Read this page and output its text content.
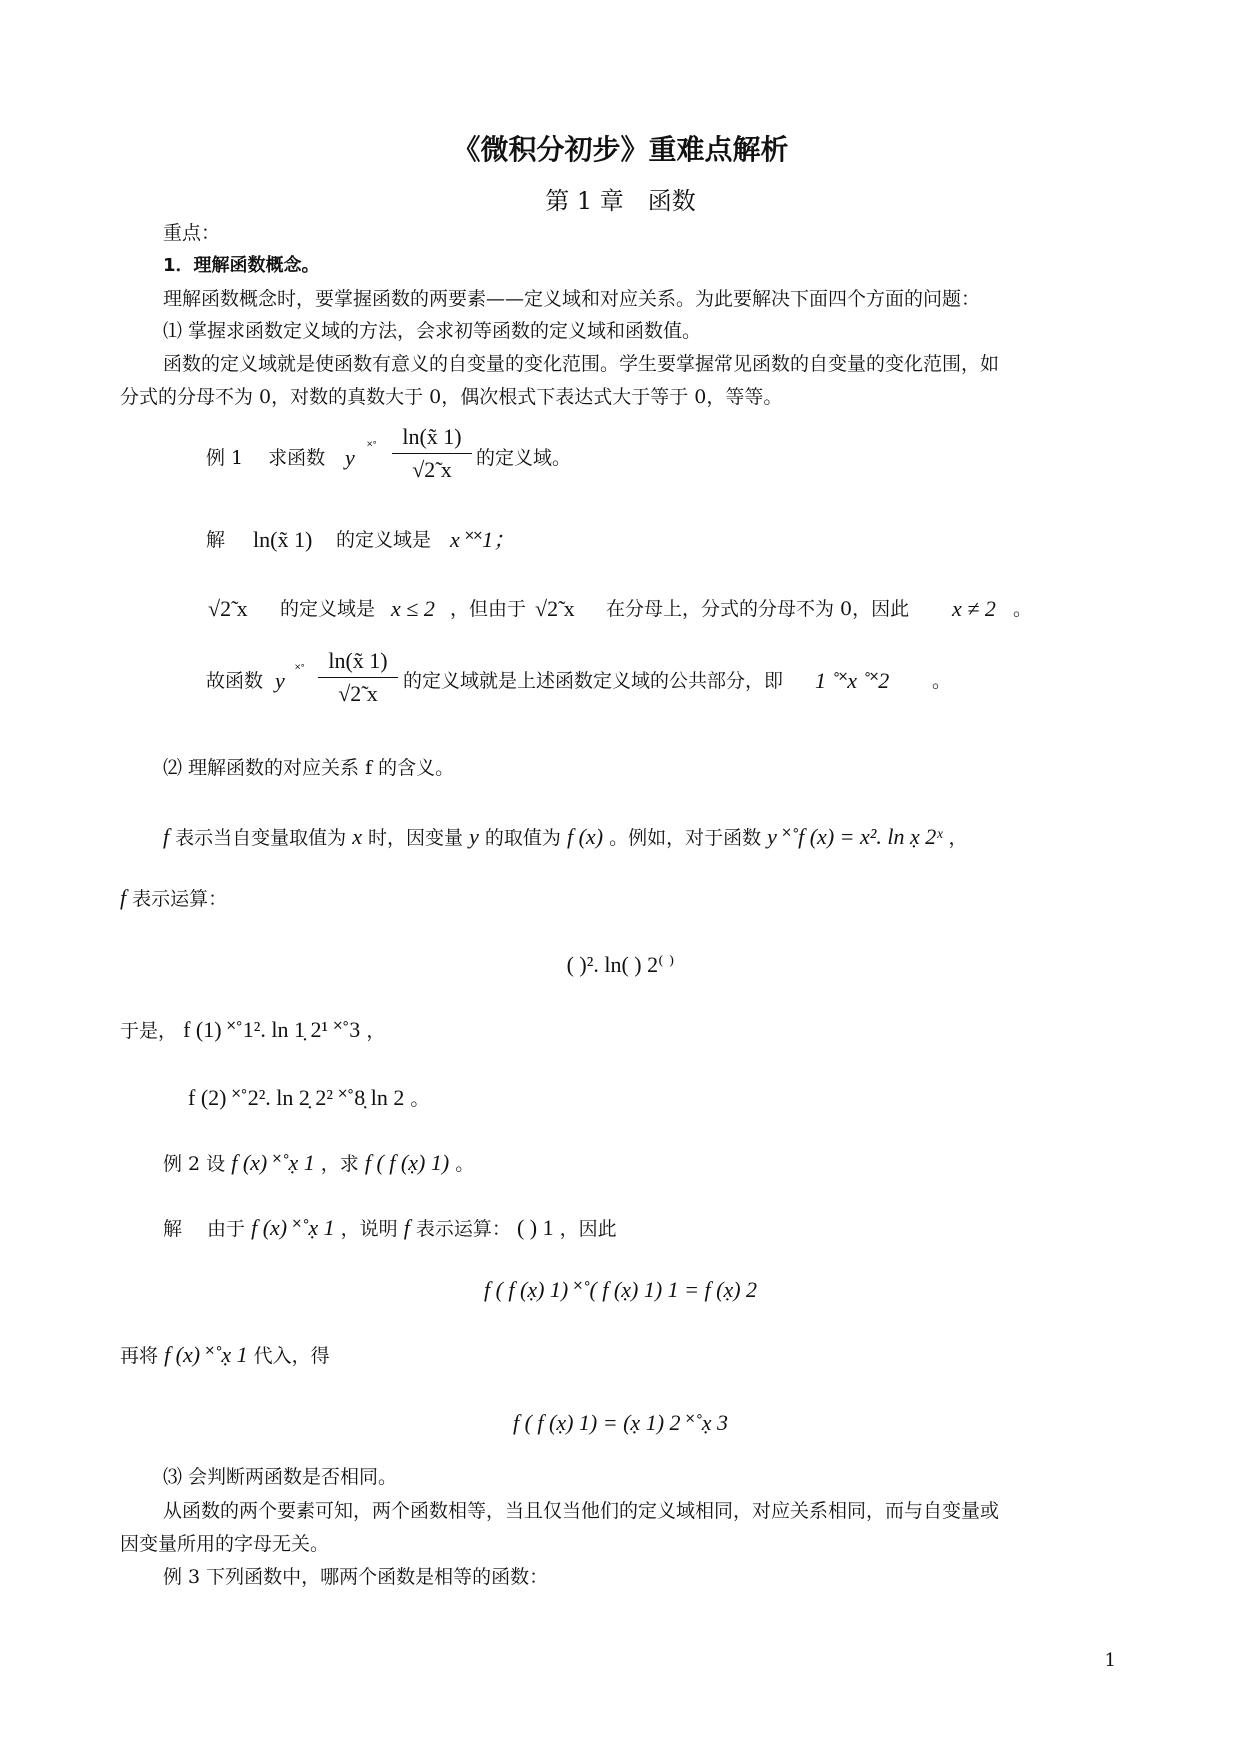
《微积分初步》重难点解析
第 1 章　函数
重点：
1．理解函数概念。
理解函数概念时，要掌握函数的两要素——定义域和对应关系。为此要解决下面四个方面的问题：
⑴ 掌握求函数定义域的方法，会求初等函数的定义域和函数值。
函数的定义域就是使函数有意义的自变量的变化范围。学生要掌握常见函数的自变量的变化范围，如
分式的分母不为 0，对数的真数大于 0，偶次根式下表达式大于等于 0，等等。
例 1　 求函数 y ˟˚	ln(x̃ 1)
√2̃ x	的定义域。
解　 ln(x̃ 1) 的定义域是 x ˟˟1；
√2̃ x 的定义域是 x ≤ 2 ，但由于 √2̃ x 在分母上，分式的分母不为 0，因此 x ≠ 2 。
故函数 y ˟˚	ln(x̃ 1)
√2̃ x	的定义域就是上述函数定义域的公共部分，即 1 ˚˟x ˚˟2 。
⑵ 理解函数的对应关系 f 的含义。
f 表示当自变量取值为 x 时，因变量 y 的取值为 f (x) 。例如，对于函数 y ˟˚f (x) = x². ln x̣ 2ˣ ，
f 表示运算：
( )². ln( ) 2⁽ ⁾
于是， f (1) ˟˚1². ln 1̣ 2¹ ˟˚3 ，
f (2) ˟˚2². ln 2̣ 2² ˟˚8̣ ln 2 。
例 2 设 f (x) ˟˚x̣ 1 ，求 f ( f (x̣) 1) 。
解　 由于 f (x) ˟˚x̣ 1 ，说明 f 表示运算： ( ) 1 ，因此
f ( f (x̣) 1) ˟˚( f (x̣) 1) 1 = f (x̣) 2
再将 f (x) ˟˚x̣ 1 代入，得
f ( f (x̣) 1) = (x̣ 1) 2 ˟˚x̣ 3
⑶ 会判断两函数是否相同。
从函数的两个要素可知，两个函数相等，当且仅当他们的定义域相同，对应关系相同，而与自变量或
因变量所用的字母无关。
例 3 下列函数中，哪两个函数是相等的函数：
1
